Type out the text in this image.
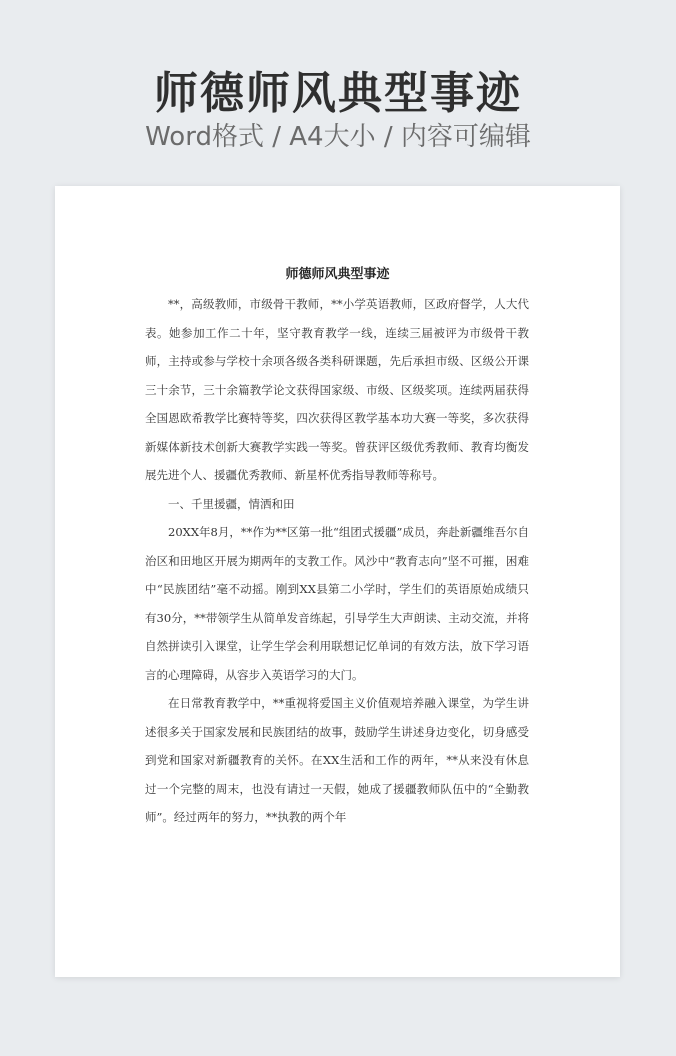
师德师风典型事迹
Word格式 / A4大小 / 内容可编辑
师德师风典型事迹

**，高级教师，市级骨干教师，**小学英语教师，区政府督学，人大代表。她参加工作二十年，坚守教育教学一线，连续三届被评为市级骨干教师，主持或参与学校十余项各级各类科研课题，先后承担市级、区级公开课三十余节，三十余篇教学论文获得国家级、市级、区级奖项。连续两届获得全国恩欧希教学比赛特等奖，四次获得区教学基本功大赛一等奖，多次获得新媒体新技术创新大赛教学实践一等奖。曾获评区级优秀教师、教育均衡发展先进个人、援疆优秀教师、新星杯优秀指导教师等称号。

一、千里援疆，情洒和田

20XX年8月，**作为**区第一批“组团式援疆”成员，奔赴新疆维吾尔自治区和田地区开展为期两年的支教工作。风沙中“教育志向”坚不可摧，困难中“民族团结”毫不动摇。刚到XX县第二小学时，学生们的英语原始成绩只有30分，**带领学生从简单发音练起，引导学生大声朗读、主动交流，并将自然拼读引入课堂，让学生学会利用联想记忆单词的有效方法，放下学习语言的心理障碍，从容步入英语学习的大门。

在日常教育教学中，**重视将爱国主义价值观培养融入课堂，为学生讲述很多关于国家发展和民族团结的故事，鼓励学生讲述身边变化，切身感受到党和国家对新疆教育的关怀。在XX生活和工作的两年，**从来没有休息过一个完整的周末，也没有请过一天假，她成了援疆教师队伍中的“全勤教师”。经过两年的努力，**执教的两个年
